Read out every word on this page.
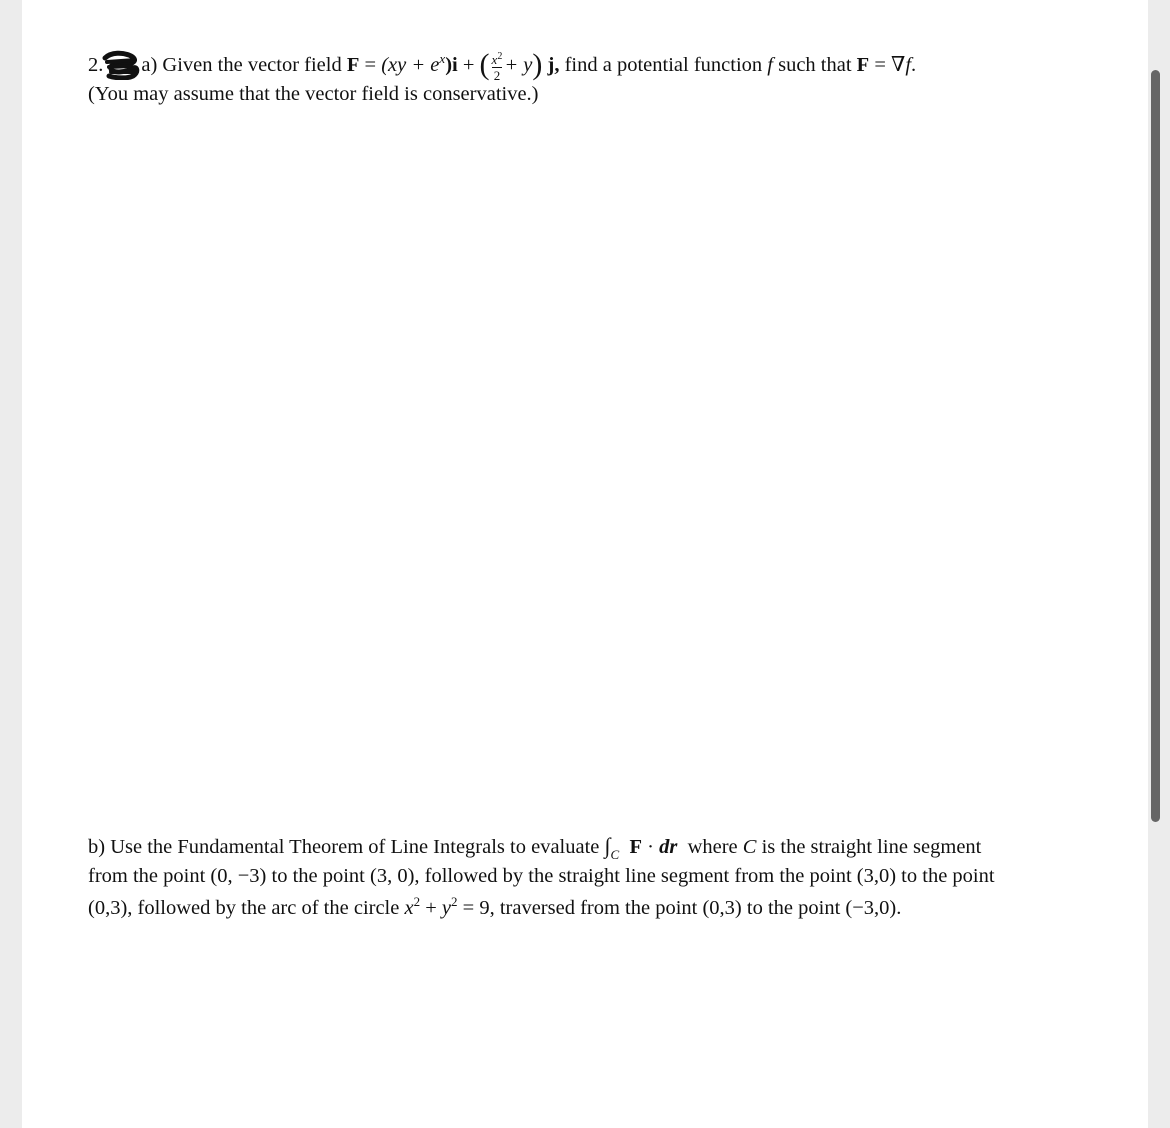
2. a) Given the vector field $F = (xy + e^x)i$ + ( $\frac{x^2}{2} + y$) j, find a potential function f such that F = ∇f.
(You may assume that the vector field is conservative.)
b) Use the Fundamental Theorem of Line Integrals to evaluate $\int_C$ F · dr  where C is the straight line segment
from the point (0, −3) to the point (3, 0), followed by the straight line segment from the point (3,0) to the point
(0,3), followed by the arc of the circle $x^2 + y^2 = 9$, traversed from the point (0,3) to the point (−3,0).
